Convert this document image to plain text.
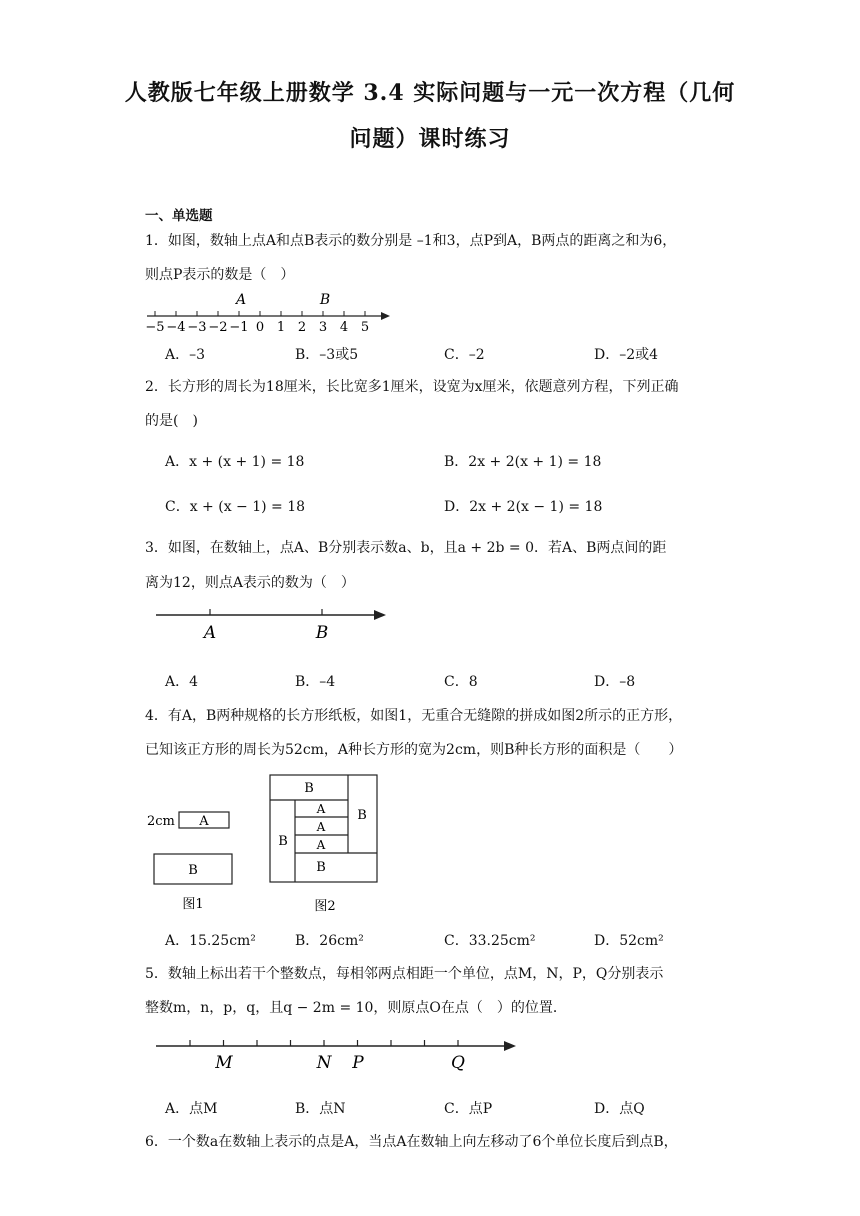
人教版七年级上册数学 3.4 实际问题与一元一次方程（几何
问题）课时练习
一、单选题
1．如图，数轴上点A和点B表示的数分别是 –1和3，点P到A，B两点的距离之和为6，
则点P表示的数是（　）
−5 −4 −3 −2 −1 0 1 2 3 4 5
A	B
A．–3	B．–3或5	C．–2	D．–2或4
2．长方形的周长为18厘米，长比宽多1厘米，设宽为x厘米，依题意列方程，下列正确
的是(　)
A．x + (x + 1) = 18	B．2x + 2(x + 1) = 18
C．x + (x − 1) = 18	D．2x + 2(x − 1) = 18
3．如图，在数轴上，点A、B分别表示数a、b，且a + 2b = 0．若A、B两点间的距
离为12，则点A表示的数为（　）
A	B
A．4	B．–4	C．8	D．–8
4．有A，B两种规格的长方形纸板，如图1，无重合无缝隙的拼成如图2所示的正方形，
已知该正方形的周长为52cm，A种长方形的宽为2cm，则B种长方形的面积是（　　）
2cm A
B
B
B
B
B
A
A
A
图1	图2
A．15.25cm²	B．26cm²	C．33.25cm²	D．52cm²
5．数轴上标出若干个整数点，每相邻两点相距一个单位，点M，N，P，Q分别表示
整数m，n，p，q，且q − 2m = 10，则原点O在点（　）的位置．
M	N P	Q
A．点M	B．点N	C．点P	D．点Q
6．一个数a在数轴上表示的点是A，当点A在数轴上向左移动了6个单位长度后到点B，
